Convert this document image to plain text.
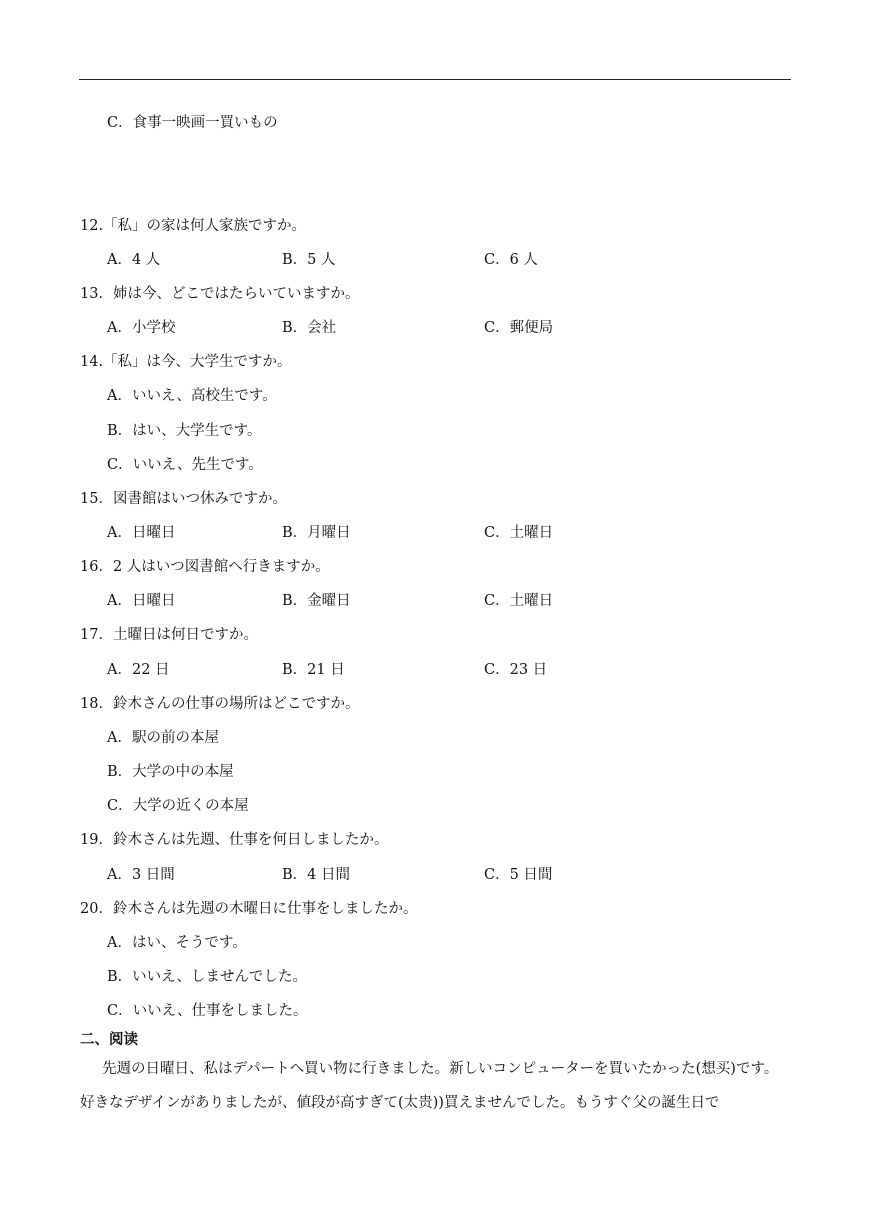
C．食事一映画一買いもの
12.「私」の家は何人家族ですか。
A．4 人	B．5 人	C．6 人
13．姉は今、どこではたらいていますか。
A．小学校	B．会社	C．郵便局
14.「私」は今、大学生ですか。
A．いいえ、高校生です。
B．はい、大学生です。
C．いいえ、先生です。
15．図書館はいつ休みですか。
A．日曜日	B．月曜日	C．土曜日
16．2 人はいつ図書館へ行きますか。
A．日曜日	B．金曜日	C．土曜日
17．土曜日は何日ですか。
A．22 日	B．21 日	C．23 日
18．鈴木さんの仕事の場所はどこですか。
A．駅の前の本屋
B．大学の中の本屋
C．大学の近くの本屋
19．鈴木さんは先週、仕事を何日しましたか。
A．3 日間	B．4 日間	C．5 日間
20．鈴木さんは先週の木曜日に仕事をしましたか。
A．はい、そうです。
B．いいえ、しませんでした。
C．いいえ、仕事をしました。
二、阅读
先週の日曜日、私はデパートへ買い物に行きました。新しいコンピューターを買いたかった(想买)です。好きなデザインがありましたが、値段が高すぎて(太贵))買えませんでした。もうすぐ父の誕生日で
